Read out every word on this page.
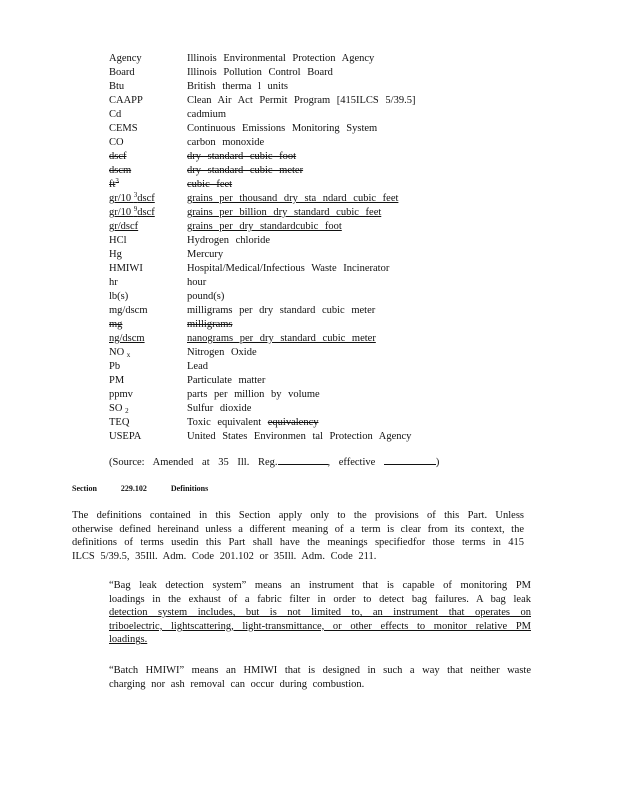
Agency	Illinois Environmental Protection Agency
Board	Illinois Pollution Control Board
Btu	British therma l units
CAAPP	Clean Air Act Permit Program [415ILCS 5/39.5]
Cd	cadmium
CEMS	Continuous Emissions Monitoring System
CO	carbon monoxide
dscf	dry standard cubic foot
dscm	dry standard cubic meter
$ft^3$	cubic feet
gr/10 $^3$dscf	grains per thousand dry sta ndard cubic feet
gr/10 $^9$dscf	grains per billion dry standard cubic feet
gr/dscf	grains per dry standardcubic foot
HCl	Hydrogen chloride
Hg	Mercury
HMIWI	Hospital/Medical/Infectious Waste Incinerator
hr	hour
lb(s)	pound(s)
mg/dscm	milligrams per dry standard cubic meter
mg	milligrams
ng/dscm	nanograms per dry standard cubic meter
NO x	Nitrogen Oxide
Pb	Lead
PM	Particulate matter
ppmv	parts per million by volume
SO 2	Sulfur dioxide
TEQ	Toxic equivalent equivalency
USEPA	United States Environmen tal Protection Agency
(Source: Amended at 35 Ill. Reg.	, effective	)
Section	229.102	Definitions
The definitions contained in this Section apply only to the provisions of this Part. Unless otherwise defined hereinand unless a different meaning of a term is clear from its context, the definitions of terms usedin this Part shall have the meanings specifiedfor those terms in 415 ILCS 5/39.5, 35Ill. Adm. Code 201.102 or 35Ill. Adm. Code 211.
“Bag leak detection system” means an instrument that is capable of monitoring PM loadings in the exhaust of a fabric filter in order to detect bag failures. A bag leak detection system includes, but is not limited to, an instrument that operates on triboelectric, lightscattering, light-transmittance, or other effects to monitor relative PM loadings.
“Batch HMIWI” means an HMIWI that is designed in such a way that neither waste charging nor ash removal can occur during combustion.
